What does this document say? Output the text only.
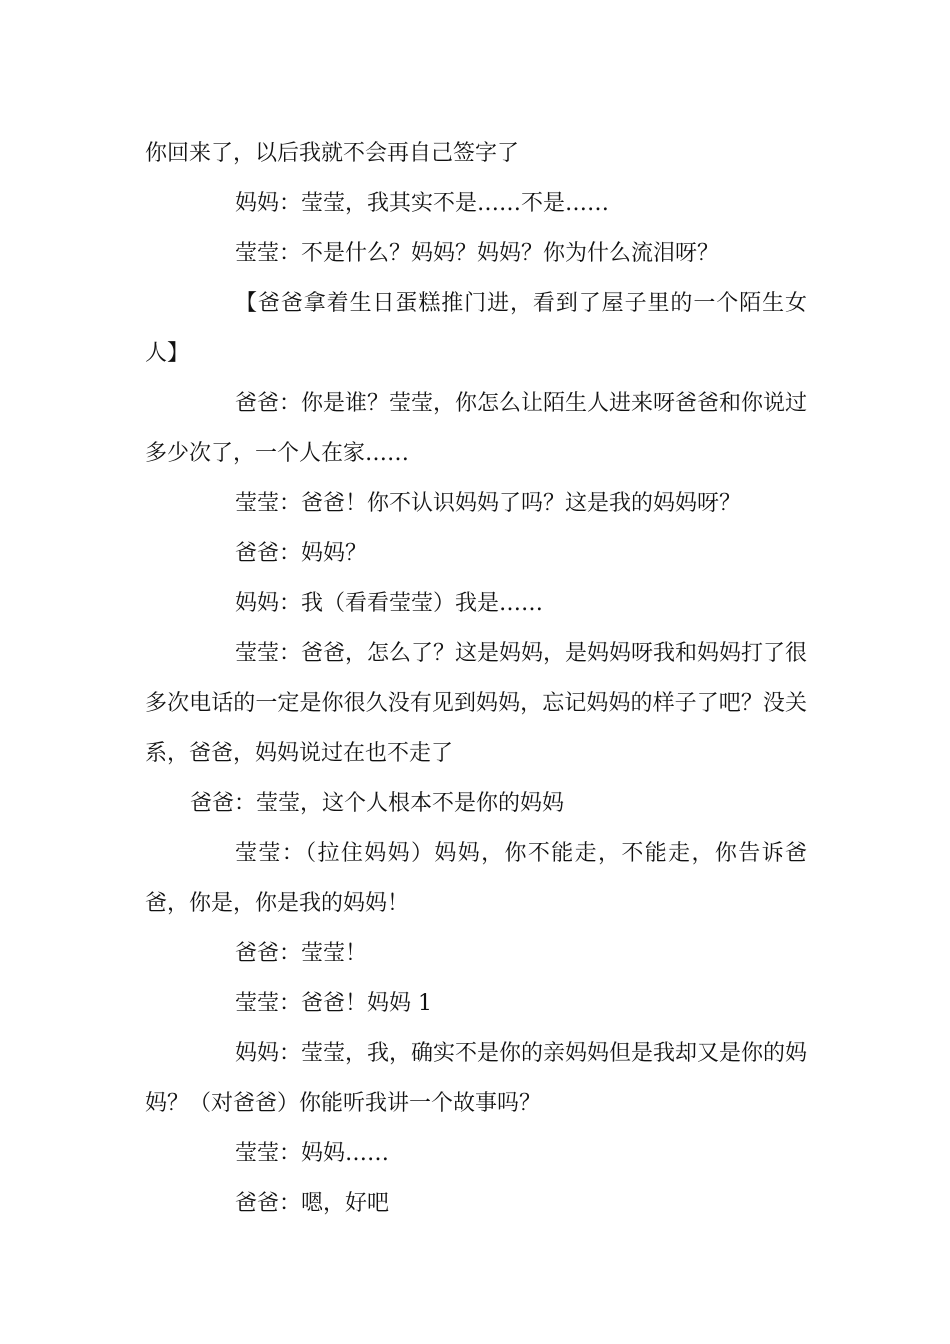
你回来了，以后我就不会再自己签字了

妈妈：莹莹，我其实不是……不是……

莹莹：不是什么？妈妈？妈妈？你为什么流泪呀？

【爸爸拿着生日蛋糕推门进，看到了屋子里的一个陌生女人】

爸爸：你是谁？莹莹，你怎么让陌生人进来呀爸爸和你说过多少次了，一个人在家……

莹莹：爸爸！你不认识妈妈了吗？这是我的妈妈呀？

爸爸：妈妈？

妈妈：我（看看莹莹）我是……

莹莹：爸爸，怎么了？这是妈妈，是妈妈呀我和妈妈打了很多次电话的一定是你很久没有见到妈妈，忘记妈妈的样子了吧？没关系，爸爸，妈妈说过在也不走了

爸爸：莹莹，这个人根本不是你的妈妈

莹莹：（拉住妈妈）妈妈，你不能走，不能走，你告诉爸爸，你是，你是我的妈妈！

爸爸：莹莹！

莹莹：爸爸！妈妈 1

妈妈：莹莹，我，确实不是你的亲妈妈但是我却又是你的妈妈？（对爸爸）你能听我讲一个故事吗？

莹莹：妈妈……

爸爸：嗯，好吧
